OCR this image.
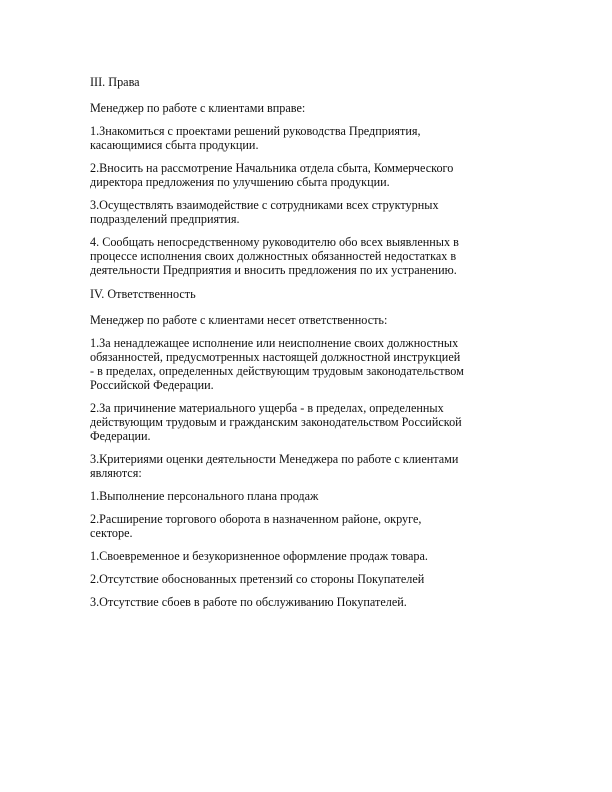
III. Права
Менеджер по работе с клиентами вправе:
1.Знакомиться с проектами решений руководства Предприятия,
касающимися сбыта продукции.
2.Вносить на рассмотрение Начальника отдела сбыта, Коммерческого
директора предложения по улучшению сбыта продукции.
3.Осуществлять взаимодействие с сотрудниками всех структурных
подразделений предприятия.
4. Сообщать непосредственному руководителю обо всех выявленных в
процессе исполнения своих должностных обязанностей недостатках в
деятельности Предприятия и вносить предложения по их устранению.
IV. Ответственность
Менеджер по работе с клиентами несет ответственность:
1.За ненадлежащее исполнение или неисполнение своих должностных
обязанностей, предусмотренных настоящей должностной инструкцией
- в пределах, определенных действующим трудовым законодательством
Российской Федерации.
2.За причинение материального ущерба - в пределах, определенных
действующим трудовым и гражданским законодательством Российской
Федерации.
3.Критериями оценки деятельности Менеджера по работе с клиентами
являются:
1.Выполнение персонального плана продаж
2.Расширение торгового оборота в назначенном районе, округе,
секторе.
1.Своевременное и безукоризненное оформление продаж товара.
2.Отсутствие обоснованных претензий со стороны Покупателей
3.Отсутствие сбоев в работе по обслуживанию Покупателей.
